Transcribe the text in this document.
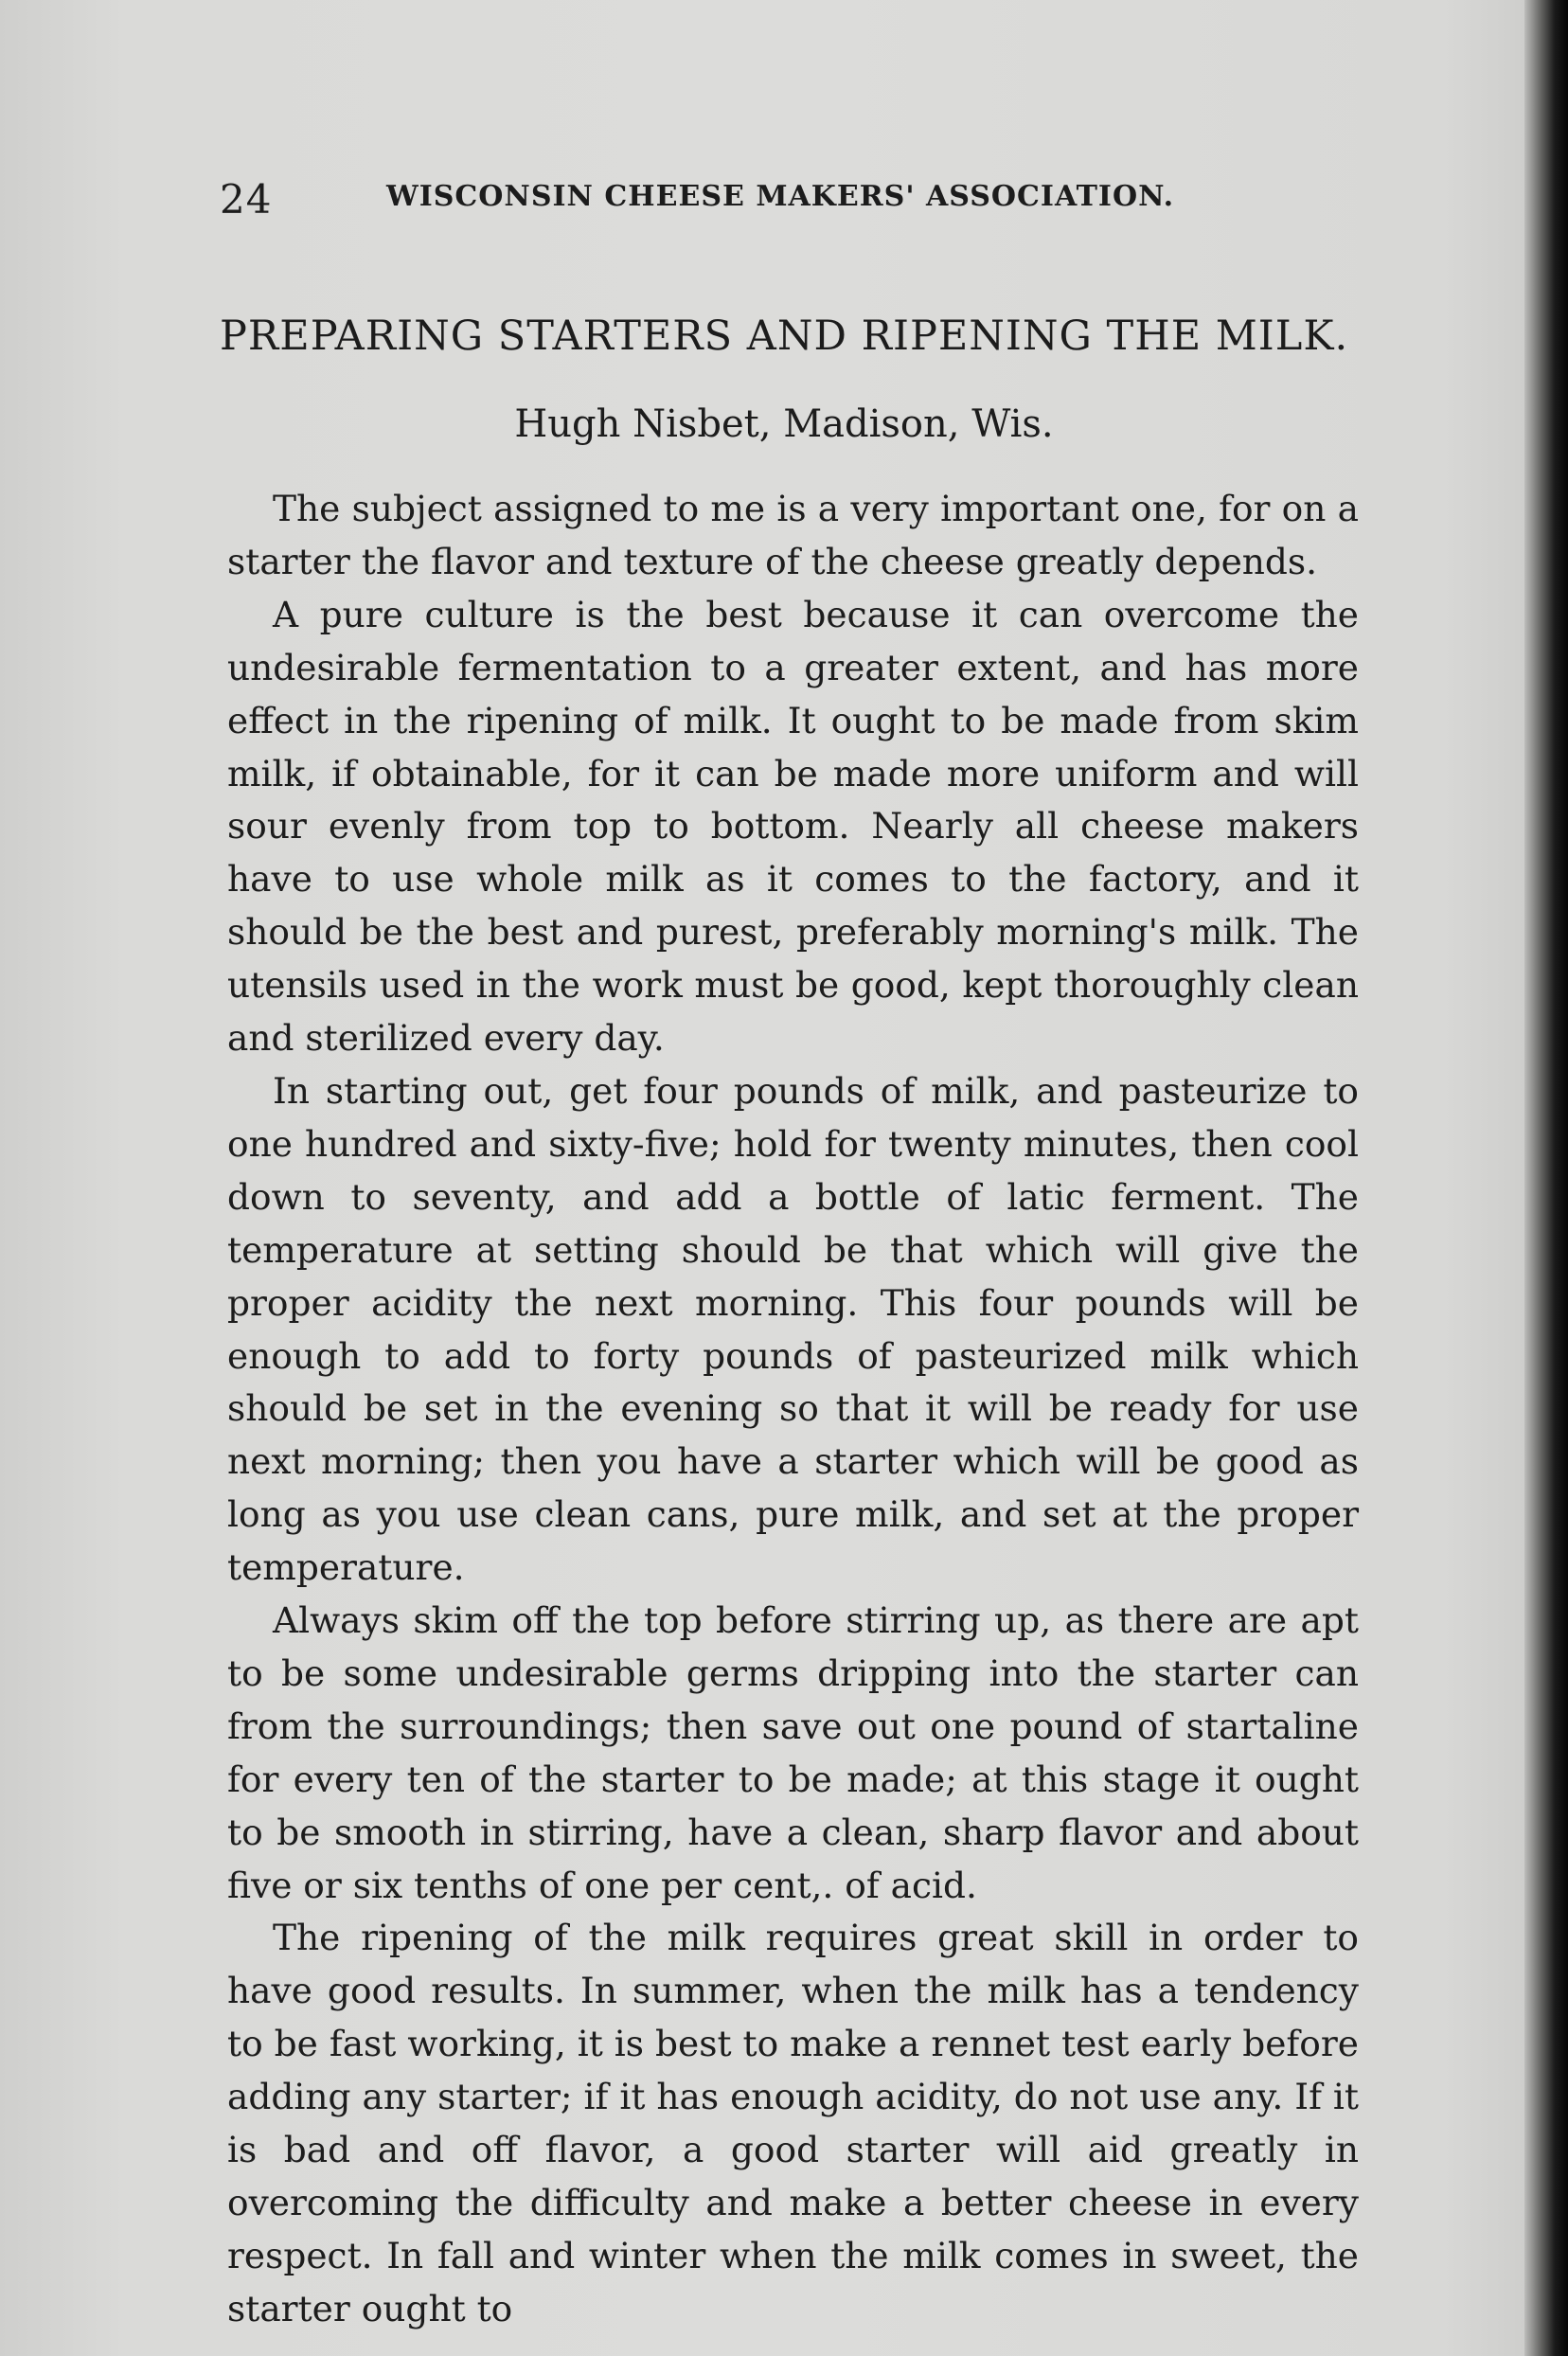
24	WISCONSIN CHEESE MAKERS' ASSOCIATION.
PREPARING STARTERS AND RIPENING THE MILK.
Hugh Nisbet, Madison, Wis.

The subject assigned to me is a very important one, for on a starter the flavor and texture of the cheese greatly depends.

A pure culture is the best because it can overcome the undesirable fermentation to a greater extent, and has more effect in the ripening of milk. It ought to be made from skim milk, if obtainable, for it can be made more uniform and will sour evenly from top to bottom. Nearly all cheese makers have to use whole milk as it comes to the factory, and it should be the best and purest, preferably morning's milk. The utensils used in the work must be good, kept thoroughly clean and sterilized every day.

In starting out, get four pounds of milk, and pasteurize to one hundred and sixty-five; hold for twenty minutes, then cool down to seventy, and add a bottle of latic ferment. The temperature at setting should be that which will give the proper acidity the next morning. This four pounds will be enough to add to forty pounds of pasteurized milk which should be set in the evening so that it will be ready for use next morning; then you have a starter which will be good as long as you use clean cans, pure milk, and set at the proper temperature.

Always skim off the top before stirring up, as there are apt to be some undesirable germs dripping into the starter can from the surroundings; then save out one pound of startaline for every ten of the starter to be made; at this stage it ought to be smooth in stirring, have a clean, sharp flavor and about five or six tenths of one per cent,. of acid.

The ripening of the milk requires great skill in order to have good results. In summer, when the milk has a tendency to be fast working, it is best to make a rennet test early before adding any starter; if it has enough acidity, do not use any. If it is bad and off flavor, a good starter will aid greatly in overcoming the difficulty and make a better cheese in every respect. In fall and winter when the milk comes in sweet, the starter ought to
